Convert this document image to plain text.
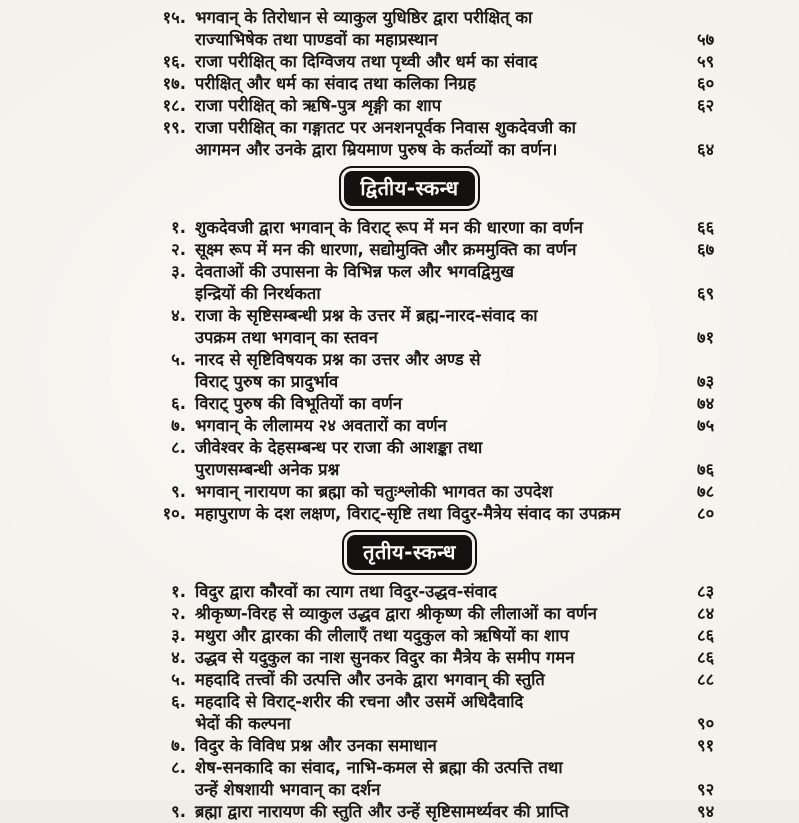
१५. भगवान् के तिरोधान से व्याकुल युधिष्ठिर द्वारा परीक्षित् का
राज्याभिषेक तथा पाण्डवों का महाप्रस्थान	५७
१६. राजा परीक्षित् का दिग्विजय तथा पृथ्वी और धर्म का संवाद	५९
१७. परीक्षित् और धर्म का संवाद तथा कलिका निग्रह	६०
१८. राजा परीक्षित् को ऋषि-पुत्र शृङ्गी का शाप	६२
१९. राजा परीक्षित् का गङ्गातट पर अनशनपूर्वक निवास शुकदेवजी का
आगमन और उनके द्वारा म्रियमाण पुरुष के कर्तव्यों का वर्णन।	६४
द्वितीय-स्कन्ध
१. शुकदेवजी द्वारा भगवान् के विराट् रूप में मन की धारणा का वर्णन	६६
२. सूक्ष्म रूप में मन की धारणा, सद्योमुक्ति और क्रममुक्ति का वर्णन	६७
३. देवताओं की उपासना के विभिन्न फल और भगवद्विमुख
इन्द्रियों की निरर्थकता	६९
४. राजा के सृष्टिसम्बन्धी प्रश्न के उत्तर में ब्रह्म-नारद-संवाद का
उपक्रम तथा भगवान् का स्तवन	७१
५. नारद से सृष्टिविषयक प्रश्न का उत्तर और अण्ड से
विराट् पुरुष का प्रादुर्भाव	७३
६. विराट् पुरुष की विभूतियों का वर्णन	७४
७. भगवान् के लीलामय २४ अवतारों का वर्णन	७५
८. जीवेश्वर के देहसम्बन्ध पर राजा की आशङ्का तथा
पुराणसम्बन्धी अनेक प्रश्न	७६
९. भगवान् नारायण का ब्रह्मा को चतुःश्लोकी भागवत का उपदेश	७८
१०. महापुराण के दश लक्षण, विराट्-सृष्टि तथा विदुर-मैत्रेय संवाद का उपक्रम	८०
तृतीय-स्कन्ध
१. विदुर द्वारा कौरवों का त्याग तथा विदुर-उद्धव-संवाद	८३
२. श्रीकृष्ण-विरह से व्याकुल उद्धव द्वारा श्रीकृष्ण की लीलाओं का वर्णन	८४
३. मथुरा और द्वारका की लीलाएँ तथा यदुकुल को ऋषियों का शाप	८६
४. उद्धव से यदुकुल का नाश सुनकर विदुर का मैत्रेय के समीप गमन	८६
५. महदादि तत्त्वों की उत्पत्ति और उनके द्वारा भगवान् की स्तुति	८८
६. महदादि से विराट्-शरीर की रचना और उसमें अधिदैवादि
भेदों की कल्पना	९०
७. विदुर के विविध प्रश्न और उनका समाधान	९१
८. शेष-सनकादि का संवाद, नाभि-कमल से ब्रह्मा की उत्पत्ति तथा
उन्हें शेषशायी भगवान् का दर्शन	९२
९. ब्रह्मा द्वारा नारायण की स्तुति और उन्हें सृष्टिसामर्थ्यवर की प्राप्ति	९४
